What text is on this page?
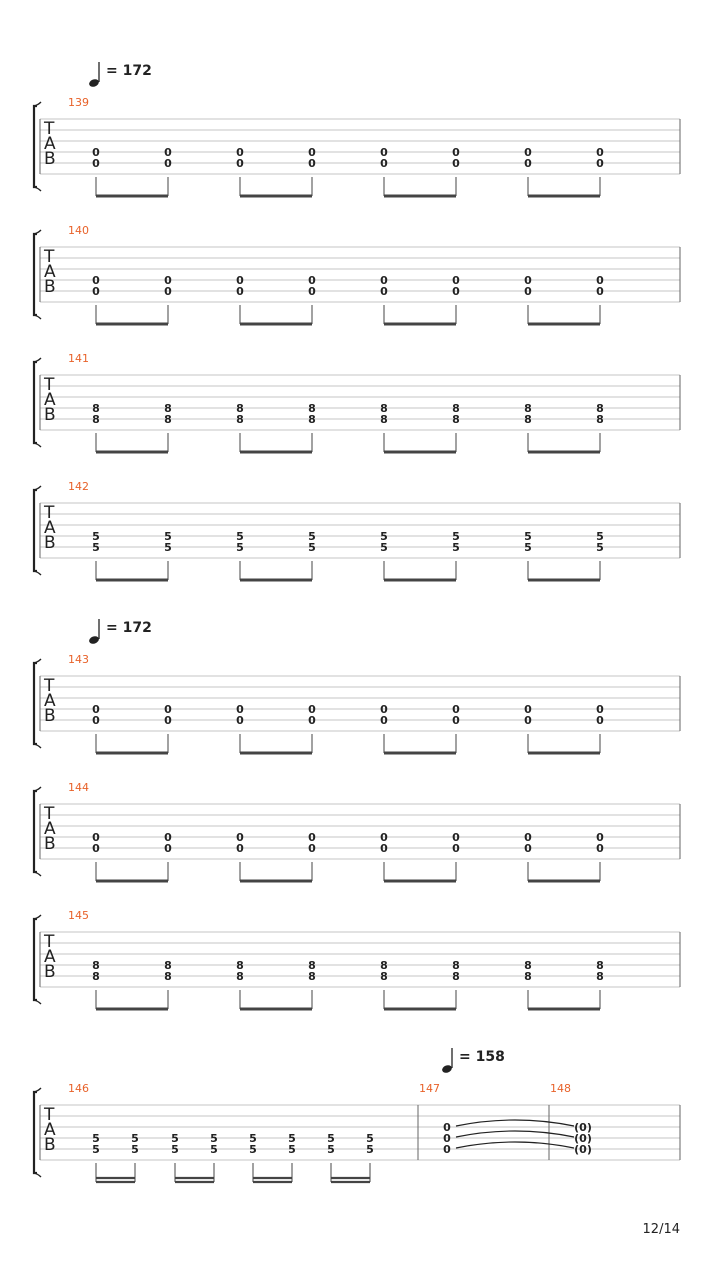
= 172
= 172
= 158
T
A
B
139
0
0
0
0
0
0
0
0
0
0
0
0
0
0
0
0
T
A
B
140
0
0
0
0
0
0
0
0
0
0
0
0
0
0
0
0
T
A
B
141
8
8
8
8
8
8
8
8
8
8
8
8
8
8
8
8
T
A
B
142
5
5
5
5
5
5
5
5
5
5
5
5
5
5
5
5
T
A
B
143
0
0
0
0
0
0
0
0
0
0
0
0
0
0
0
0
T
A
B
144
0
0
0
0
0
0
0
0
0
0
0
0
0
0
0
0
T
A
B
145
8
8
8
8
8
8
8
8
8
8
8
8
8
8
8
8
T
A
B
146	147	148
5
5
5
5
5
5
5
5
5
5
5
5
5
5
5
5
0
0
0
(0)
(0)
(0)
12/14
